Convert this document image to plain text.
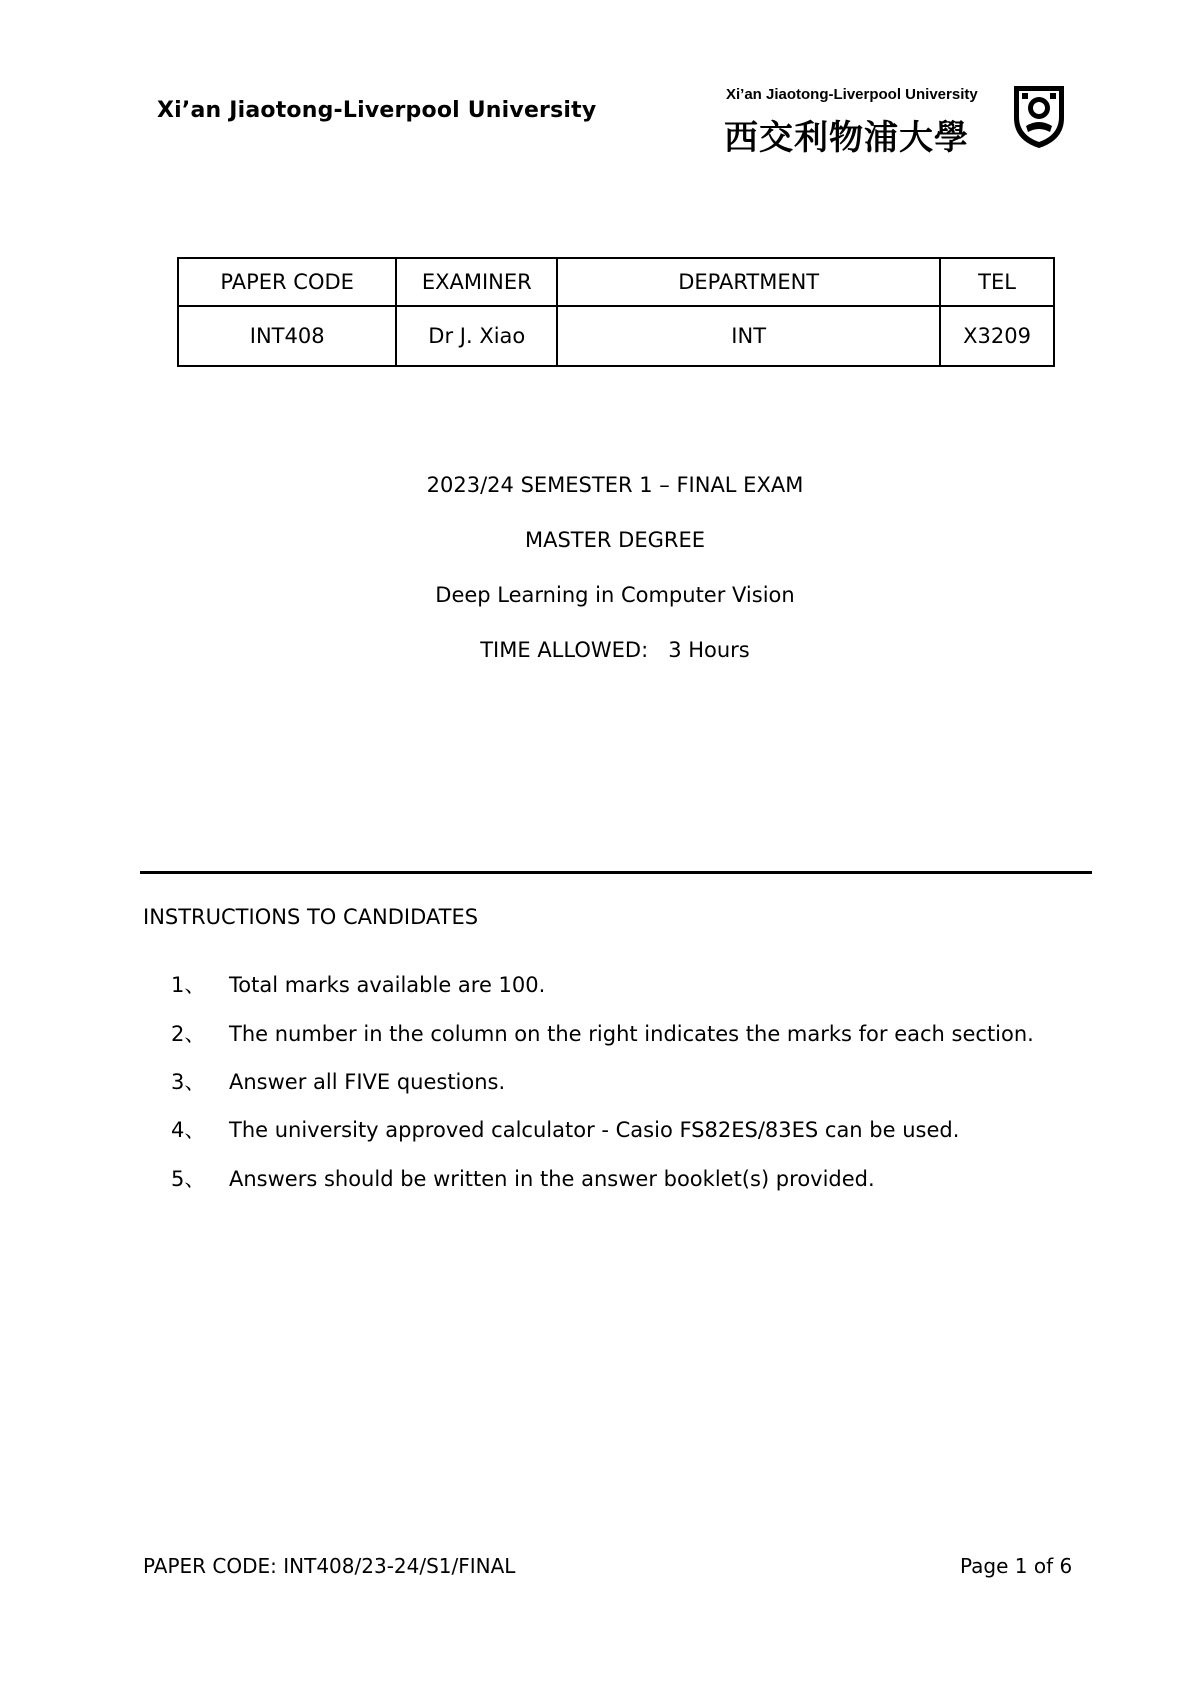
Xi’an Jiaotong-Liverpool University
Xi’an Jiaotong-Liverpool University
西交利物浦大學
PAPER CODE	EXAMINER	DEPARTMENT	TEL
INT408	Dr J. Xiao	INT	X3209
2023/24 SEMESTER 1 – FINAL EXAM
MASTER DEGREE
Deep Learning in Computer Vision
TIME ALLOWED: 3 Hours
INSTRUCTIONS TO CANDIDATES
1、 Total marks available are 100.
2、 The number in the column on the right indicates the marks for each section.
3、 Answer all FIVE questions.
4、 The university approved calculator - Casio FS82ES/83ES can be used.
5、 Answers should be written in the answer booklet(s) provided.
PAPER CODE: INT408/23-24/S1/FINAL	Page 1 of 6
